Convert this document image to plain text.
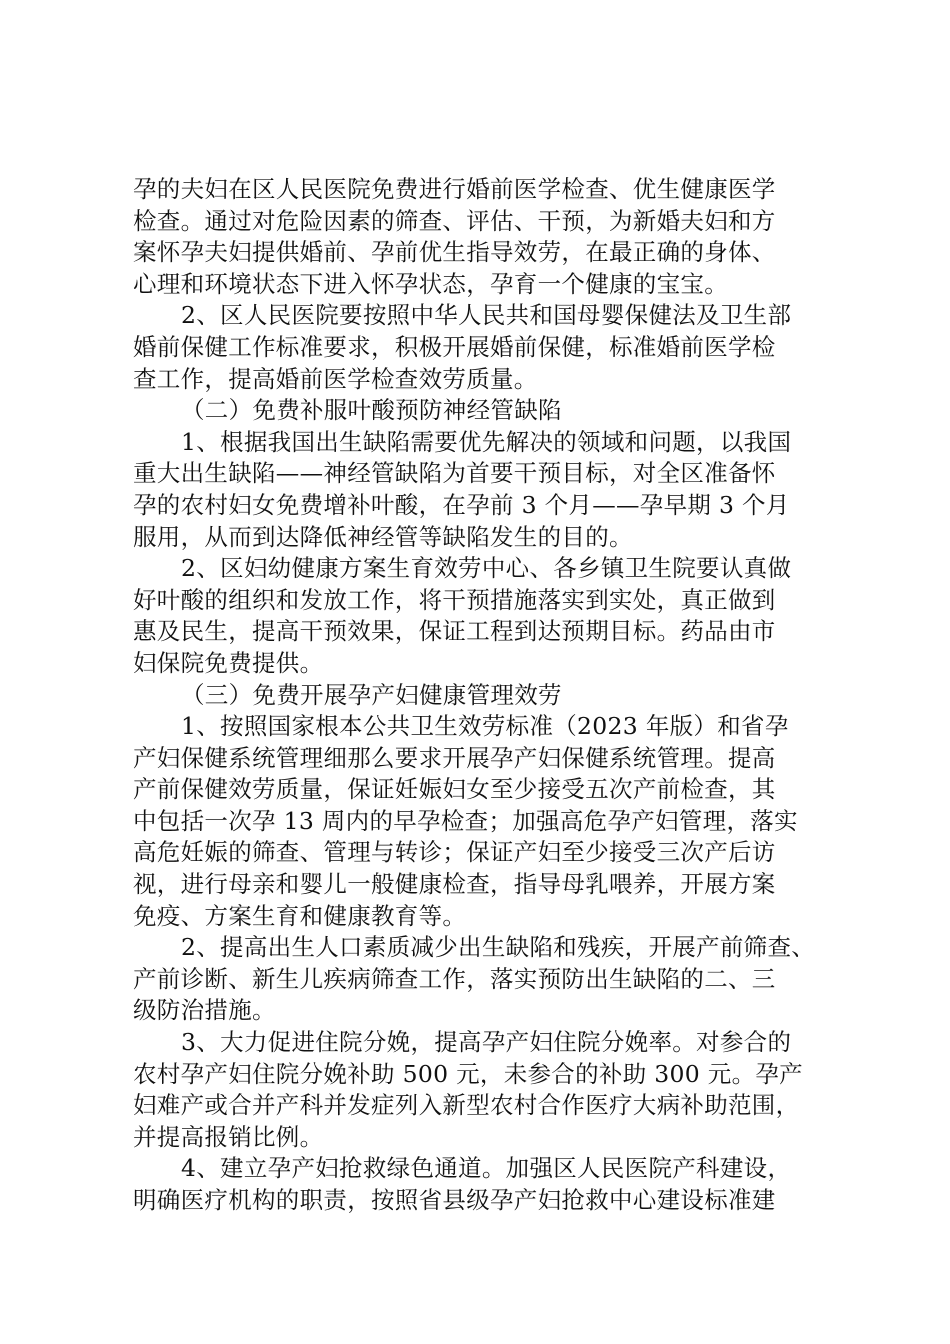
孕的夫妇在区人民医院免费进行婚前医学检查、优生健康医学
检查。通过对危险因素的筛查、评估、干预，为新婚夫妇和方
案怀孕夫妇提供婚前、孕前优生指导效劳，在最正确的身体、
心理和环境状态下进入怀孕状态，孕育一个健康的宝宝。
2、区人民医院要按照中华人民共和国母婴保健法及卫生部
婚前保健工作标准要求，积极开展婚前保健，标准婚前医学检
查工作，提高婚前医学检查效劳质量。
（二）免费补服叶酸预防神经管缺陷
1、根据我国出生缺陷需要优先解决的领域和问题，以我国
重大出生缺陷——神经管缺陷为首要干预目标，对全区准备怀
孕的农村妇女免费增补叶酸，在孕前 3 个月——孕早期 3 个月
服用，从而到达降低神经管等缺陷发生的目的。
2、区妇幼健康方案生育效劳中心、各乡镇卫生院要认真做
好叶酸的组织和发放工作，将干预措施落实到实处，真正做到
惠及民生，提高干预效果，保证工程到达预期目标。药品由市
妇保院免费提供。
（三）免费开展孕产妇健康管理效劳
1、按照国家根本公共卫生效劳标准（2023 年版）和省孕
产妇保健系统管理细那么要求开展孕产妇保健系统管理。提高
产前保健效劳质量，保证妊娠妇女至少接受五次产前检查，其
中包括一次孕 13 周内的早孕检查；加强高危孕产妇管理，落实
高危妊娠的筛查、管理与转诊；保证产妇至少接受三次产后访
视，进行母亲和婴儿一般健康检查，指导母乳喂养，开展方案
免疫、方案生育和健康教育等。
2、提高出生人口素质减少出生缺陷和残疾，开展产前筛查、
产前诊断、新生儿疾病筛查工作，落实预防出生缺陷的二、三
级防治措施。
3、大力促进住院分娩，提高孕产妇住院分娩率。对参合的
农村孕产妇住院分娩补助 500 元，未参合的补助 300 元。孕产
妇难产或合并产科并发症列入新型农村合作医疗大病补助范围，
并提高报销比例。
4、建立孕产妇抢救绿色通道。加强区人民医院产科建设，
明确医疗机构的职责，按照省县级孕产妇抢救中心建设标准建
